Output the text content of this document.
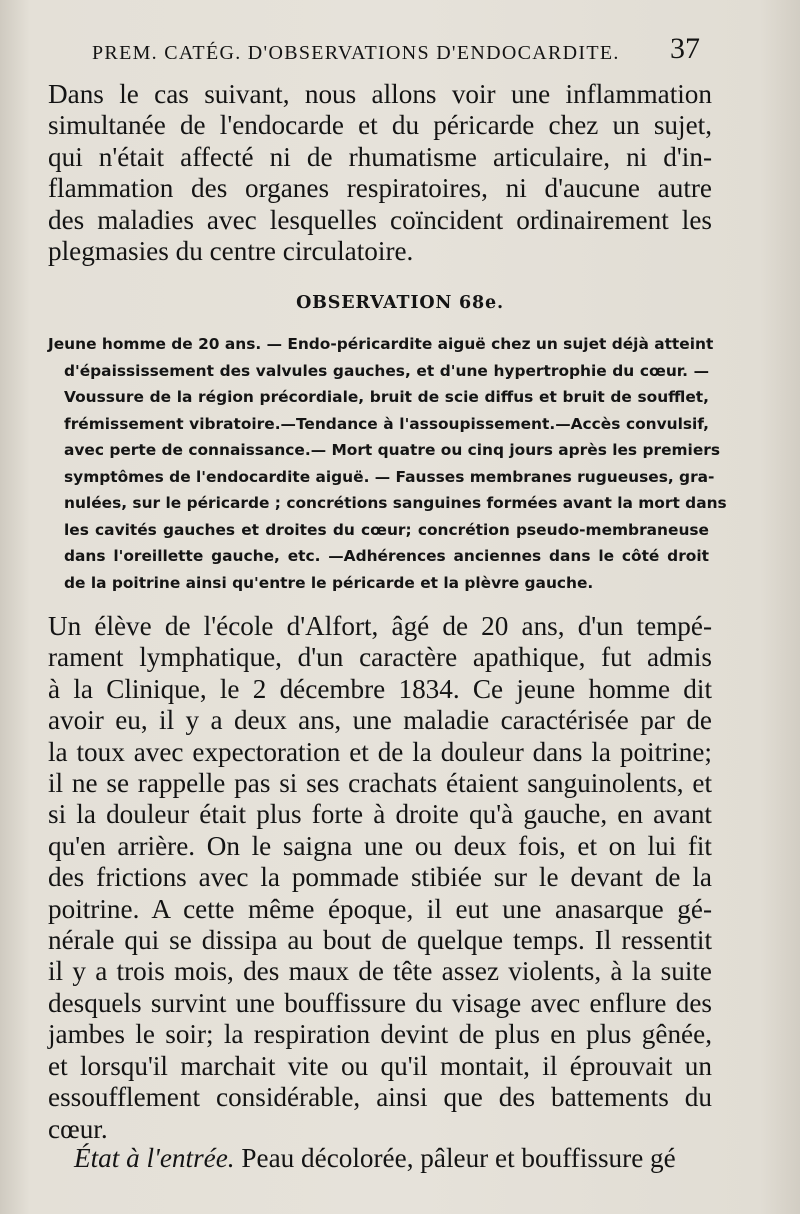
PREM. CATÉG. D'OBSERVATIONS D'ENDOCARDITE.	37
Dans le cas suivant, nous allons voir une inflammation
simultanée de l'endocarde et du péricarde chez un sujet,
qui n'était affecté ni de rhumatisme articulaire, ni d'in-
flammation des organes respiratoires, ni d'aucune autre
des maladies avec lesquelles coïncident ordinairement les
plegmasies du centre circulatoire.
OBSERVATION 68e.
Jeune homme de 20 ans. — Endo-péricardite aiguë chez un sujet déjà atteint
d'épaississement des valvules gauches, et d'une hypertrophie du cœur. —
Voussure de la région précordiale, bruit de scie diffus et bruit de soufflet,
frémissement vibratoire.—Tendance à l'assoupissement.—Accès convulsif,
avec perte de connaissance.— Mort quatre ou cinq jours après les premiers
symptômes de l'endocardite aiguë. — Fausses membranes rugueuses, gra-
nulées, sur le péricarde ; concrétions sanguines formées avant la mort dans
les cavités gauches et droites du cœur; concrétion pseudo-membraneuse
dans l'oreillette gauche, etc. —Adhérences anciennes dans le côté droit
de la poitrine ainsi qu'entre le péricarde et la plèvre gauche.
Un élève de l'école d'Alfort, âgé de 20 ans, d'un tempé-
rament lymphatique, d'un caractère apathique, fut admis
à la Clinique, le 2 décembre 1834. Ce jeune homme dit
avoir eu, il y a deux ans, une maladie caractérisée par de
la toux avec expectoration et de la douleur dans la poitrine;
il ne se rappelle pas si ses crachats étaient sanguinolents, et
si la douleur était plus forte à droite qu'à gauche, en avant
qu'en arrière. On le saigna une ou deux fois, et on lui fit
des frictions avec la pommade stibiée sur le devant de la
poitrine. A cette même époque, il eut une anasarque gé-
nérale qui se dissipa au bout de quelque temps. Il ressentit
il y a trois mois, des maux de tête assez violents, à la suite
desquels survint une bouffissure du visage avec enflure des
jambes le soir; la respiration devint de plus en plus gênée,
et lorsqu'il marchait vite ou qu'il montait, il éprouvait un
essoufflement considérable, ainsi que des battements du
cœur.
État à l'entrée. Peau décolorée, pâleur et bouffissure gé
